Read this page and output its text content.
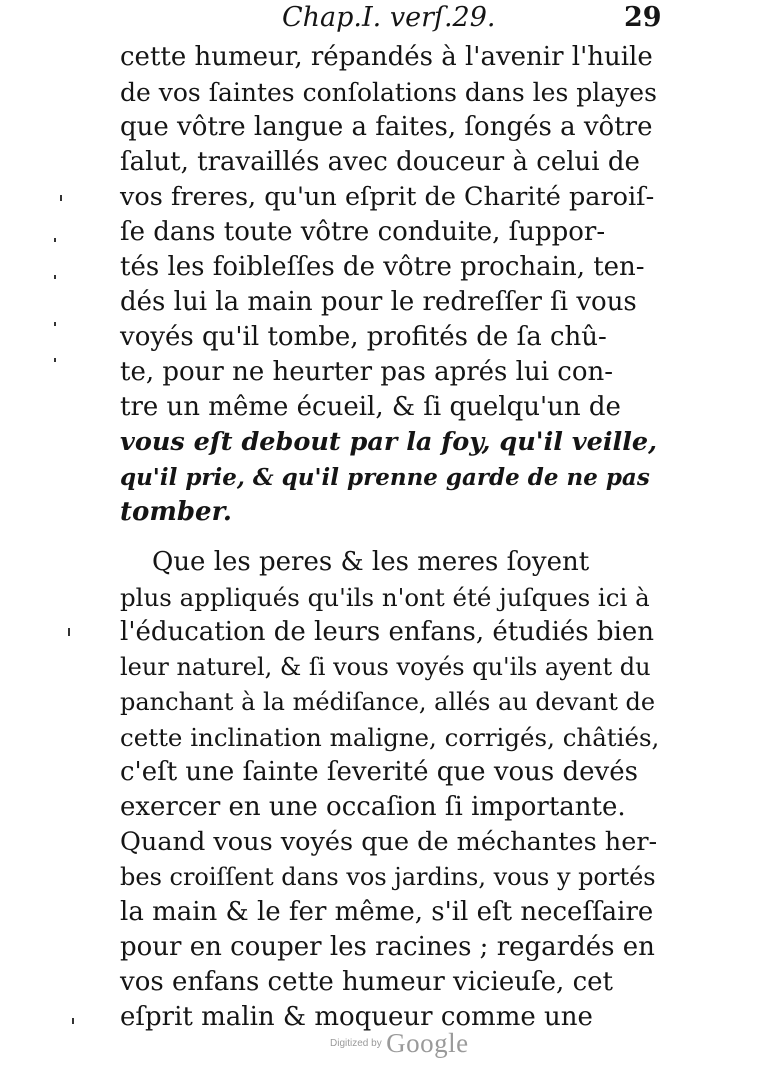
Chap.I. verſ.29.	29
cette humeur, répandés à l'avenir l'huile
de vos ſaintes conſolations dans les playes
que vôtre langue a faites, ſongés a vôtre
ſalut, travaillés avec douceur à celui de
vos freres, qu'un eſprit de Charité paroiſ-
ſe dans toute vôtre conduite, ſuppor-
tés les foibleſſes de vôtre prochain, ten-
dés lui la main pour le redreſſer ſi vous
voyés qu'il tombe, profités de ſa chû-
te, pour ne heurter pas aprés lui con-
tre un même écueil, & ſi quelqu'un de
vous eſt debout par la foy, qu'il veille,
qu'il prie, & qu'il prenne garde de ne pas
tomber.
Que les peres & les meres ſoyent
plus appliqués qu'ils n'ont été juſques ici à
l'éducation de leurs enfans, étudiés bien
leur naturel, & ſi vous voyés qu'ils ayent du
panchant à la médiſance, allés au devant de
cette inclination maligne, corrigés, châtiés,
c'eſt une ſainte ſeverité que vous devés
exercer en une occaſion ſi importante.
Quand vous voyés que de méchantes her-
bes croiſſent dans vos jardins, vous y portés
la main & le fer même, s'il eſt neceſſaire
pour en couper les racines ; regardés en
vos enfans cette humeur vicieuſe, cet
eſprit malin & moqueur comme une
Digitized by Google
